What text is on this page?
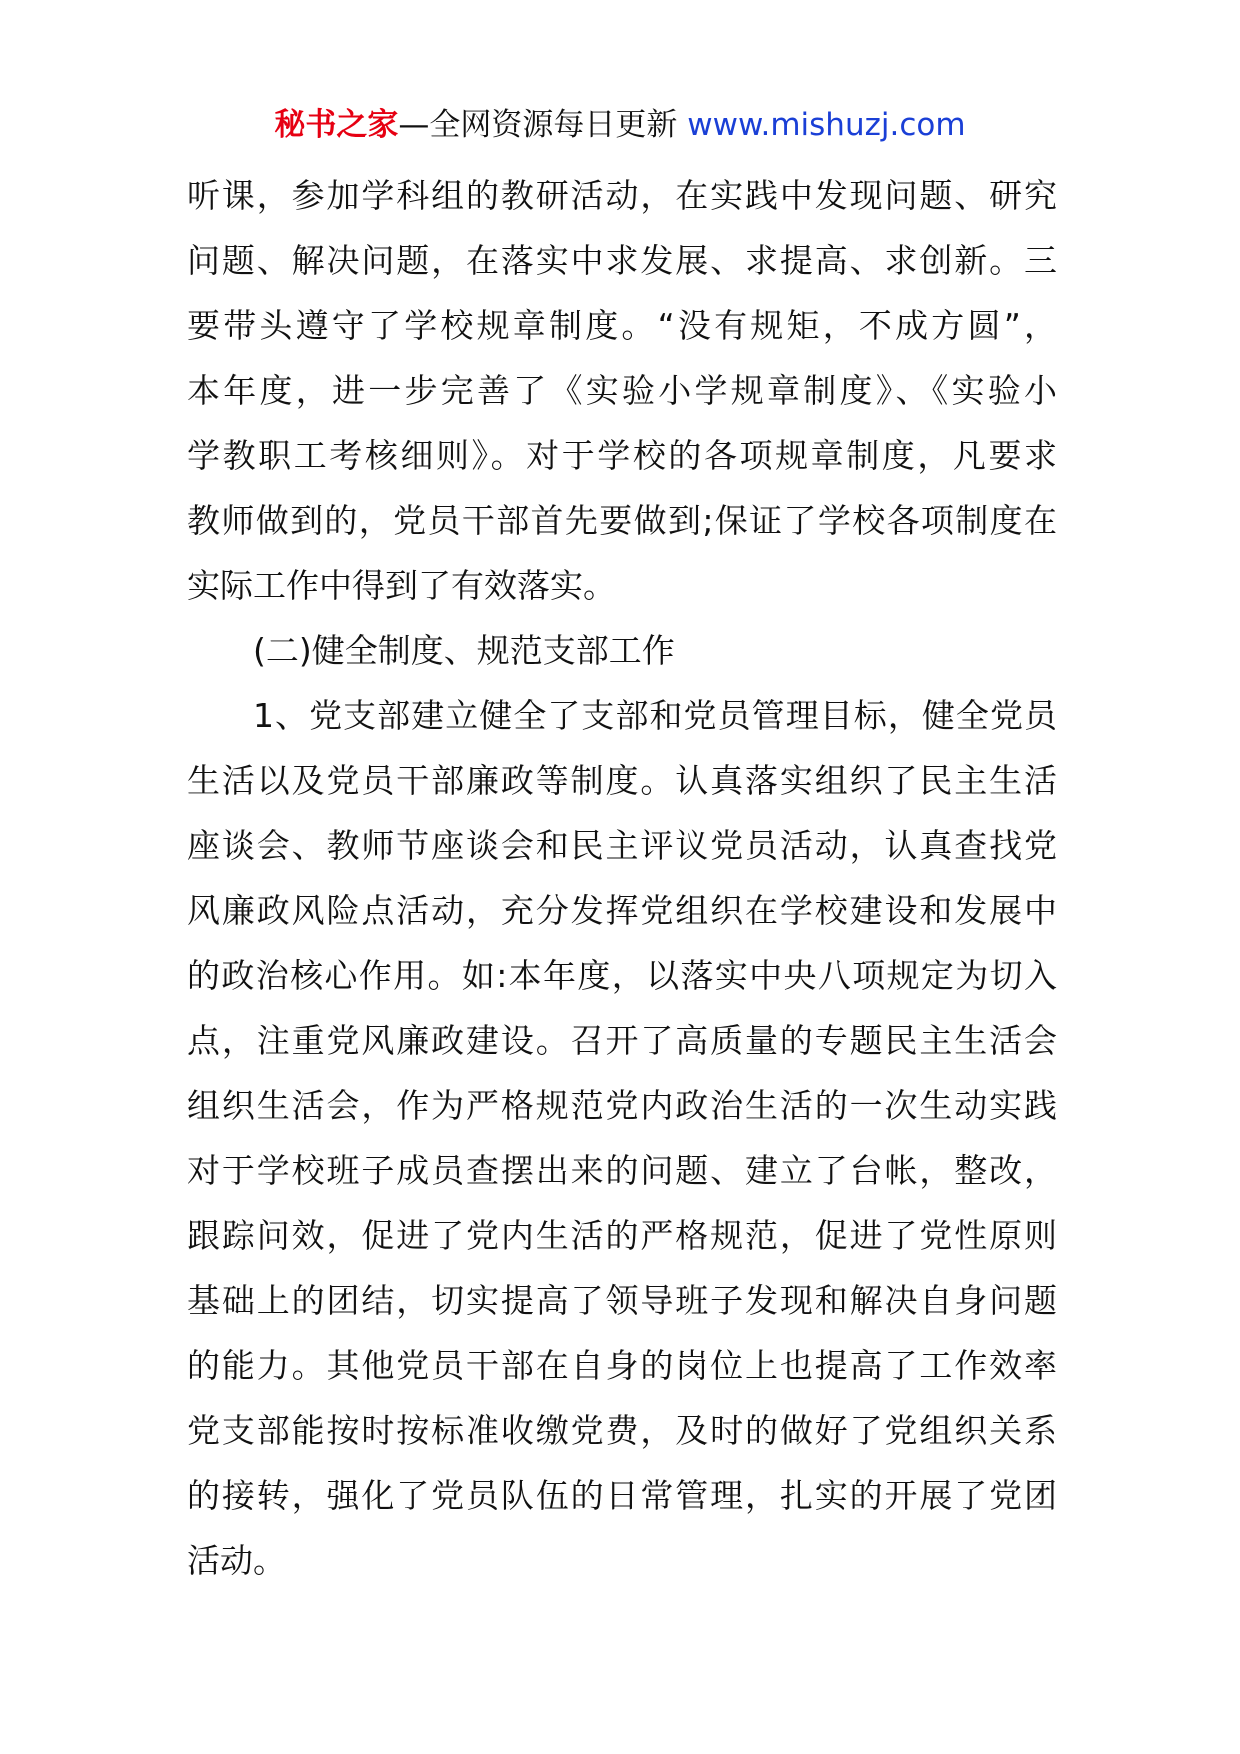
秘书之家—全网资源每日更新 www.mishuzj.com
听课，参加学科组的教研活动，在实践中发现问题、研究
问题、解决问题，在落实中求发展、求提高、求创新。三
要带头遵守了学校规章制度。“没有规矩，不成方圆”，
本年度，进一步完善了《实验小学规章制度》、《实验小
学教职工考核细则》。对于学校的各项规章制度，凡要求
教师做到的，党员干部首先要做到;保证了学校各项制度在
实际工作中得到了有效落实。
(二)健全制度、规范支部工作
1、党支部建立健全了支部和党员管理目标，健全党员
生活以及党员干部廉政等制度。认真落实组织了民主生活
座谈会、教师节座谈会和民主评议党员活动，认真查找党
风廉政风险点活动，充分发挥党组织在学校建设和发展中
的政治核心作用。如:本年度，以落实中央八项规定为切入
点，注重党风廉政建设。召开了高质量的专题民主生活会
组织生活会，作为严格规范党内政治生活的一次生动实践
对于学校班子成员查摆出来的问题、建立了台帐，整改，
跟踪问效，促进了党内生活的严格规范，促进了党性原则
基础上的团结，切实提高了领导班子发现和解决自身问题
的能力。其他党员干部在自身的岗位上也提高了工作效率
党支部能按时按标准收缴党费，及时的做好了党组织关系
的接转，强化了党员队伍的日常管理，扎实的开展了党团
活动。
